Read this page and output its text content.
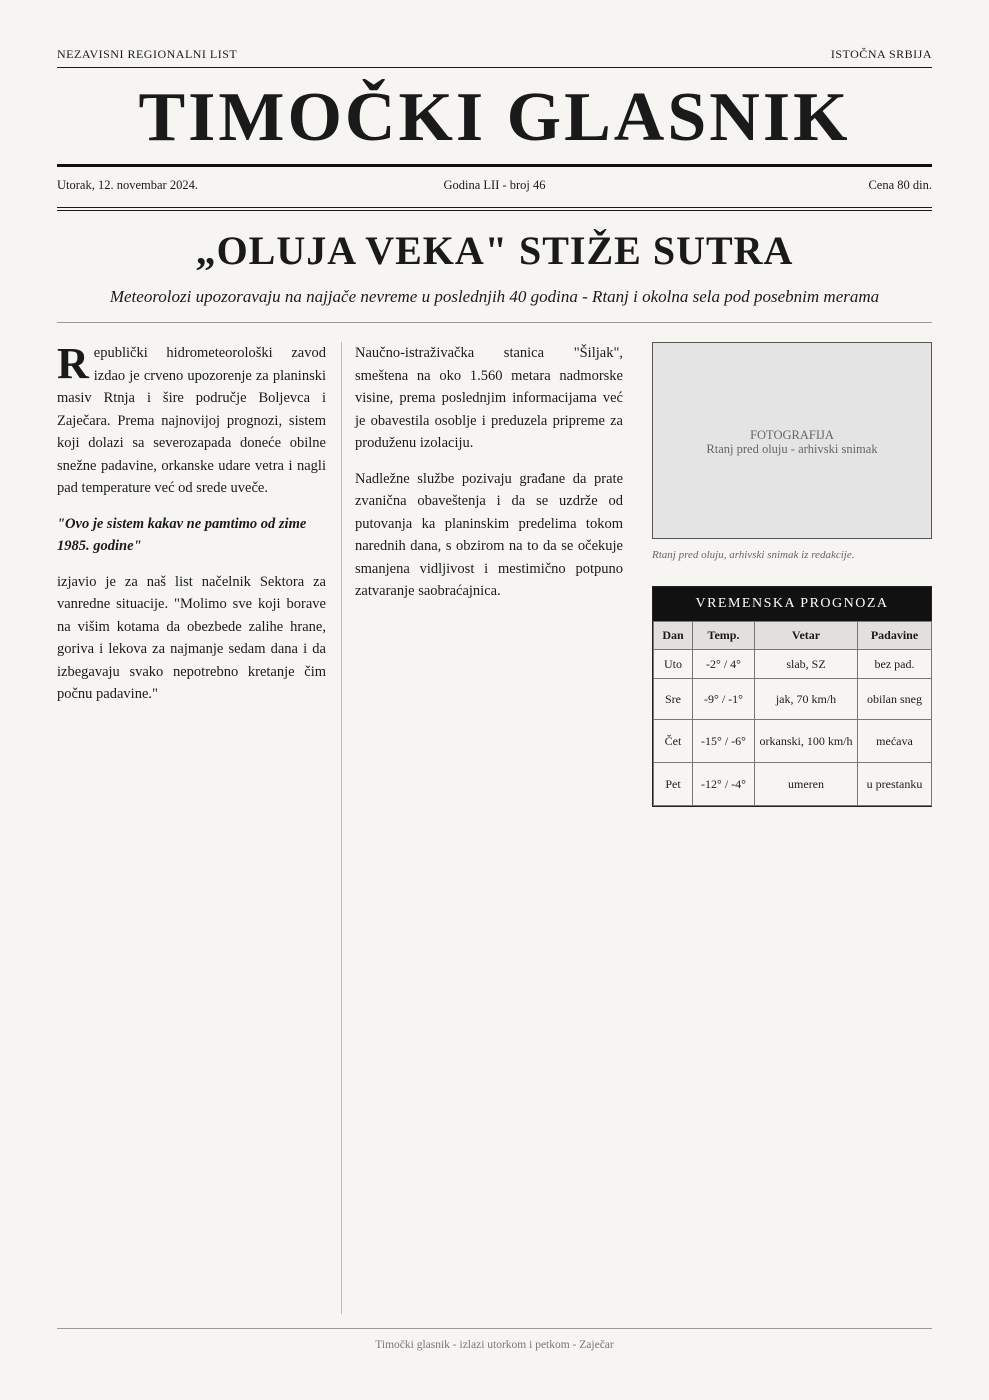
NEZAVISNI REGIONALNI LIST	ISTOČNA SRBIJA
TIMOČKI GLASNIK
Utorak, 12. novembar 2024.	Godina LII - broj 46	Cena 80 din.
„OLUJA VEKA" STIŽE SUTRA
Meteorolozi upozoravaju na najjače nevreme u poslednjih 40 godina - Rtanj i okolna sela pod posebnim merama

Republički hidrometeorološki zavod izdao je crveno upozorenje za planinski masiv Rtnja i šire područje Boljevca i Zaječara. Prema najnovijoj prognozi, sistem koji dolazi sa severozapada doneće obilne snežne padavine, orkanske udare vetra i nagli pad temperature već od srede uveče.

"Ovo je sistem kakav ne pamtimo od zime 1985. godine"

izjavio je za naš list načelnik Sektora za vanredne situacije. "Molimo sve koji borave na višim kotama da obezbede zalihe hrane, goriva i lekova za najmanje sedam dana i da izbegavaju svako nepotrebno kretanje čim počnu padavine."

Naučno-istraživačka stanica "Šiljak", smeštena na oko 1.560 metara nadmorske visine, prema poslednjim informacijama već je obavestila osoblje i preduzela pripreme za produženu izolaciju.

Nadležne službe pozivaju građane da prate zvanična obaveštenja i da se uzdrže od putovanja ka planinskim predelima tokom narednih dana, s obzirom na to da se očekuje smanjena vidljivost i mestimično potpuno zatvaranje saobraćajnica.

FOTOGRAFIJA
Rtanj pred oluju - arhivski snimak
Rtanj pred oluju, arhivski snimak iz redakcije.
VREMENSKA PROGNOZA
Dan	Temp.	Vetar	Padavine
Uto	-2° / 4°	slab, SZ	bez pad.
Sre	-9° / -1°	jak, 70 km/h	obilan sneg
Čet	-15° / -6°	orkanski, 100 km/h	mećava
Pet	-12° / -4°	umeren	u prestanku
Timočki glasnik - izlazi utorkom i petkom - Zaječar
